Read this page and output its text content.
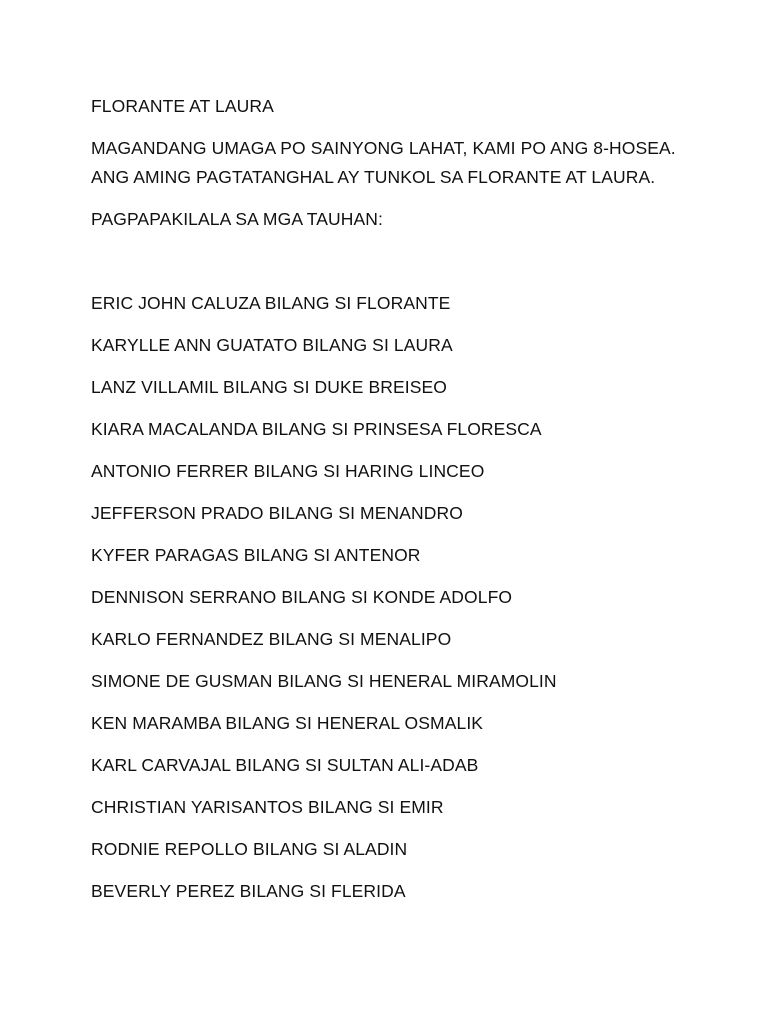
FLORANTE AT LAURA
MAGANDANG UMAGA PO SAINYONG LAHAT, KAMI PO ANG 8-HOSEA.
ANG AMING PAGTATANGHAL AY TUNKOL SA FLORANTE AT LAURA.
PAGPAPAKILALA SA MGA TAUHAN:
ERIC JOHN CALUZA BILANG SI FLORANTE
KARYLLE ANN GUATATO BILANG SI LAURA
LANZ VILLAMIL BILANG SI DUKE BREISEO
KIARA MACALANDA BILANG SI PRINSESA FLORESCA
ANTONIO FERRER BILANG SI HARING LINCEO
JEFFERSON PRADO BILANG SI MENANDRO
KYFER PARAGAS BILANG SI ANTENOR
DENNISON SERRANO BILANG SI KONDE ADOLFO
KARLO FERNANDEZ BILANG SI MENALIPO
SIMONE DE GUSMAN BILANG SI HENERAL MIRAMOLIN
KEN MARAMBA BILANG SI HENERAL OSMALIK
KARL CARVAJAL BILANG SI SULTAN ALI-ADAB
CHRISTIAN YARISANTOS BILANG SI EMIR
RODNIE REPOLLO BILANG SI ALADIN
BEVERLY PEREZ BILANG SI FLERIDA
